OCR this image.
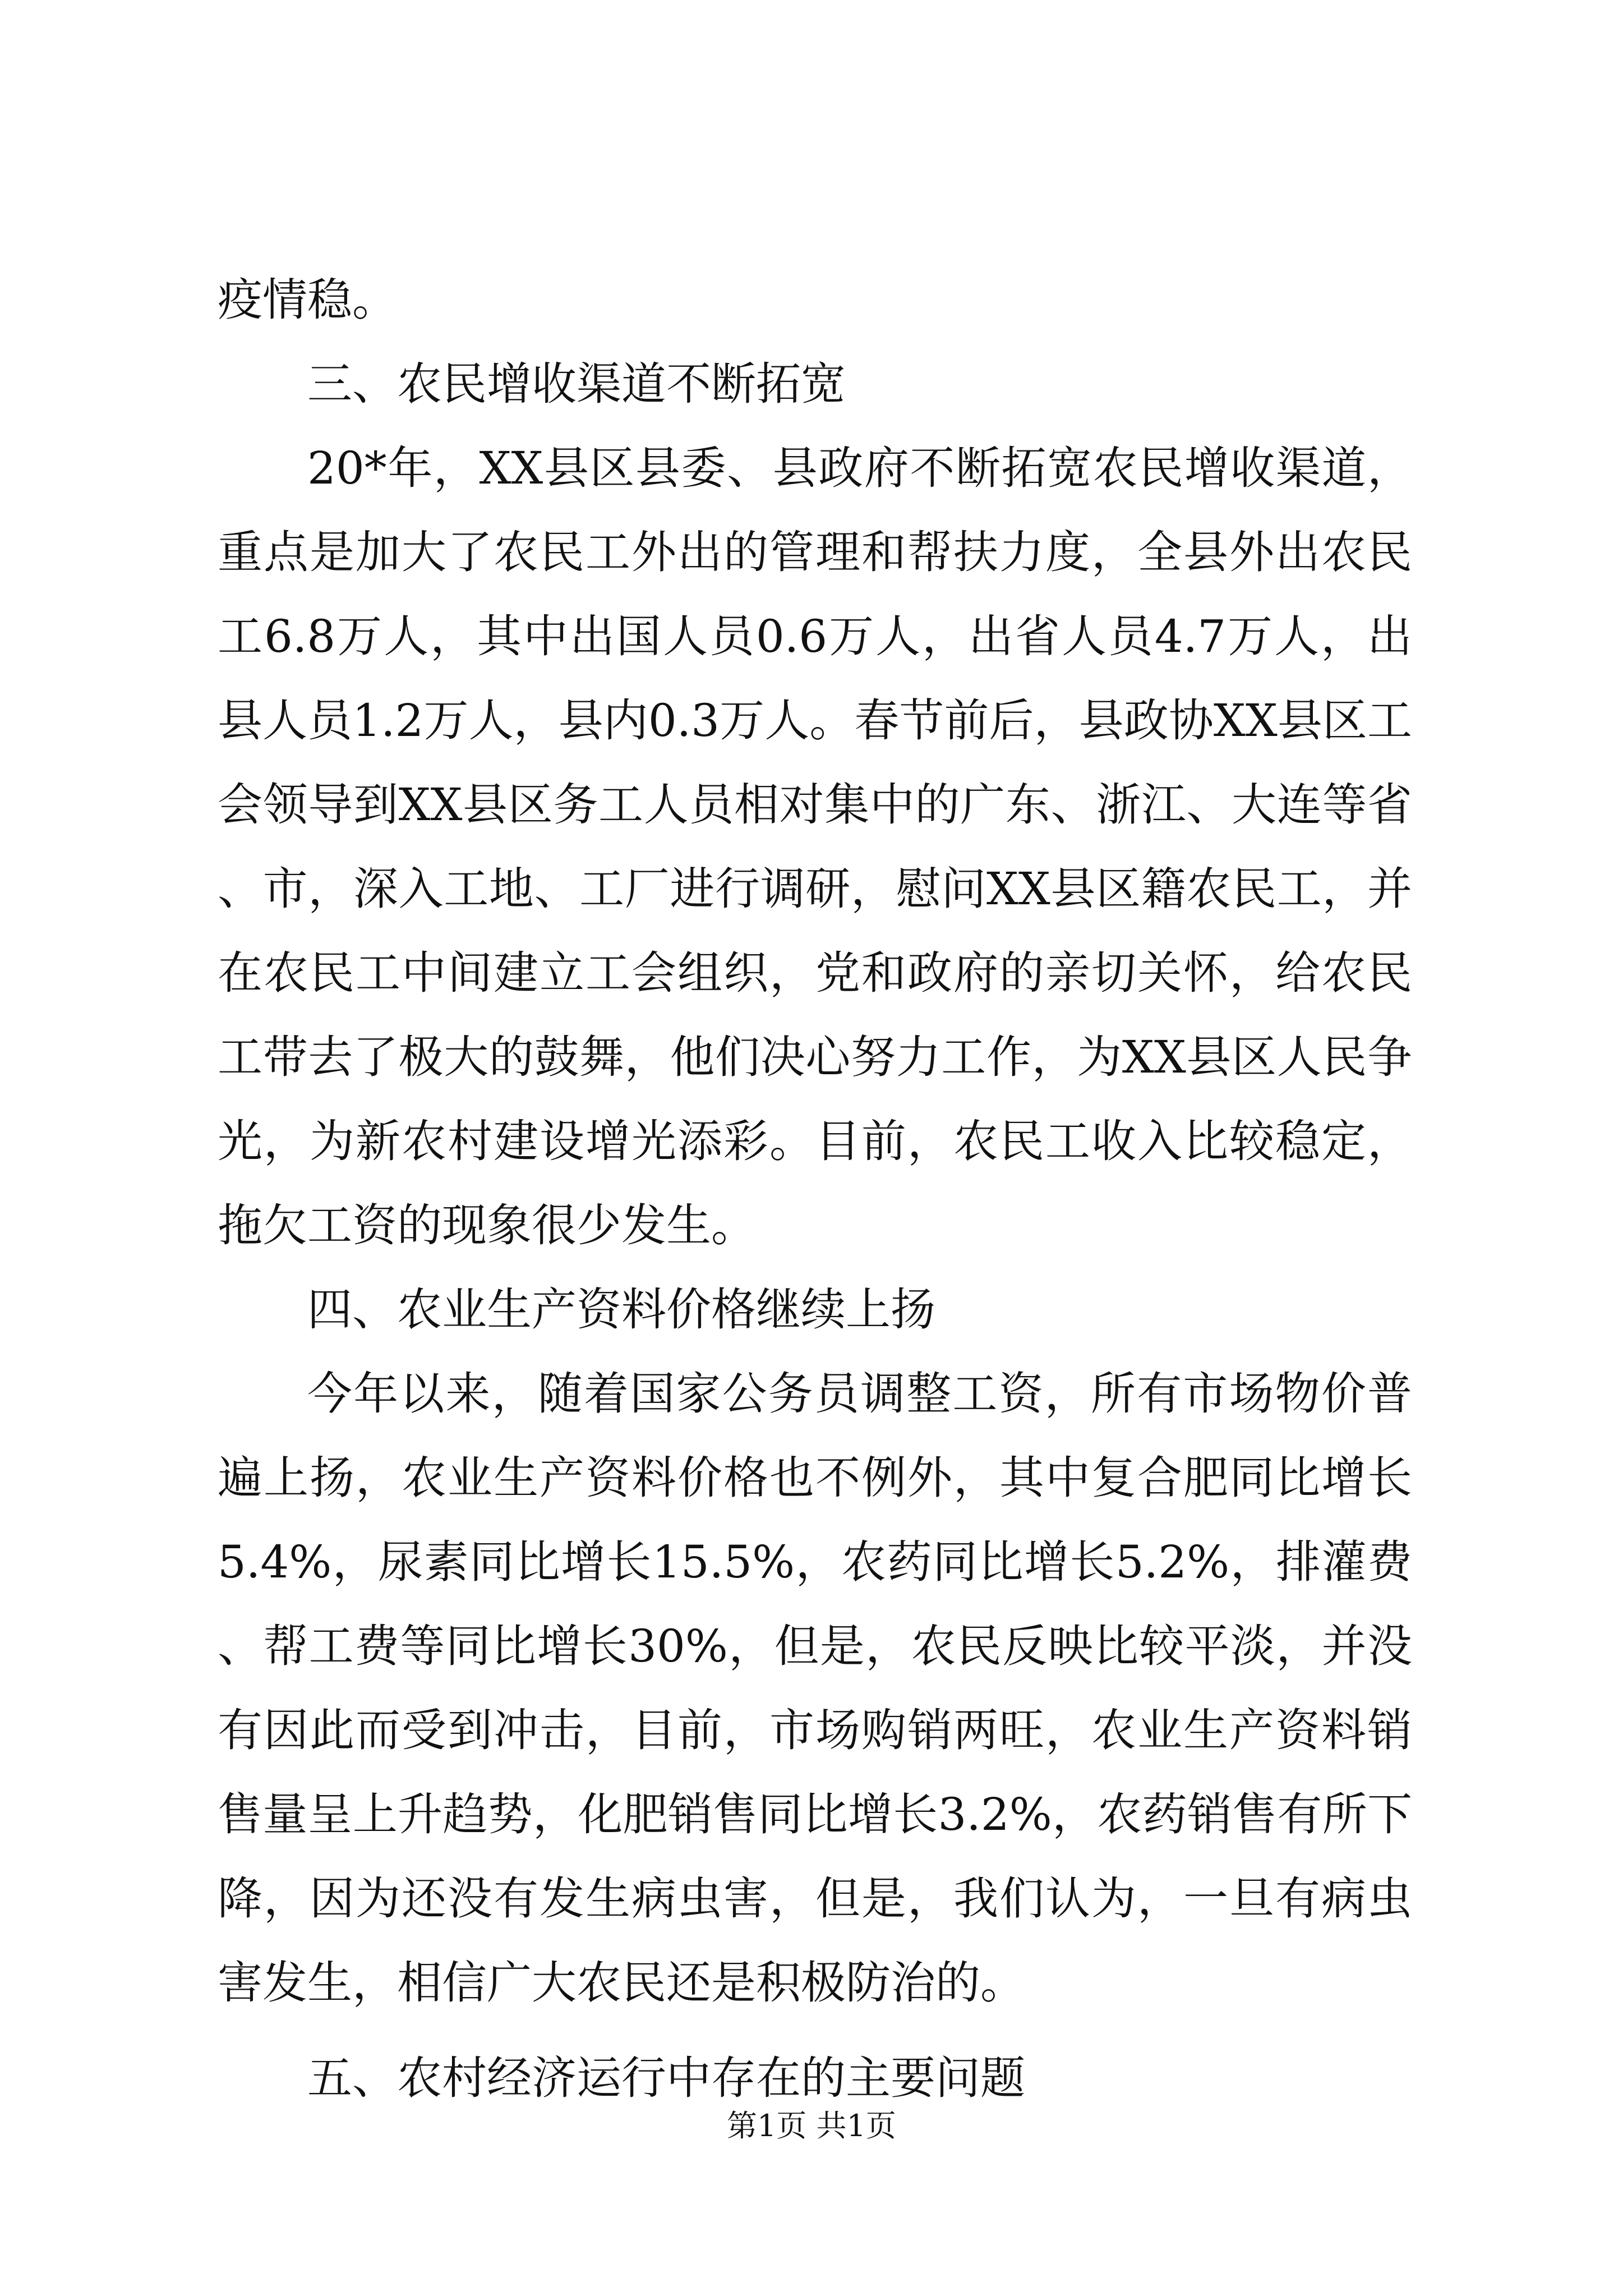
疫情稳。

三、农民增收渠道不断拓宽

20*年，XX县区县委、县政府不断拓宽农民增收渠道，重点是加大了农民工外出的管理和帮扶力度，全县外出农民工6.8万人，其中出国人员0.6万人，出省人员4.7万人，出县人员1.2万人，县内0.3万人。春节前后，县政协XX县区工会领导到XX县区务工人员相对集中的广东、浙江、大连等省、市，深入工地、工厂进行调研，慰问XX县区籍农民工，并在农民工中间建立工会组织，党和政府的亲切关怀，给农民工带去了极大的鼓舞，他们决心努力工作，为XX县区人民争光，为新农村建设增光添彩。目前，农民工收入比较稳定，拖欠工资的现象很少发生。

四、农业生产资料价格继续上扬

今年以来，随着国家公务员调整工资，所有市场物价普遍上扬，农业生产资料价格也不例外，其中复合肥同比增长5.4%，尿素同比增长15.5%，农药同比增长5.2%，排灌费、帮工费等同比增长30%，但是，农民反映比较平淡，并没有因此而受到冲击，目前，市场购销两旺，农业生产资料销售量呈上升趋势，化肥销售同比增长3.2%，农药销售有所下降，因为还没有发生病虫害，但是，我们认为，一旦有病虫害发生，相信广大农民还是积极防治的。

五、农村经济运行中存在的主要问题

第1页 共1页
